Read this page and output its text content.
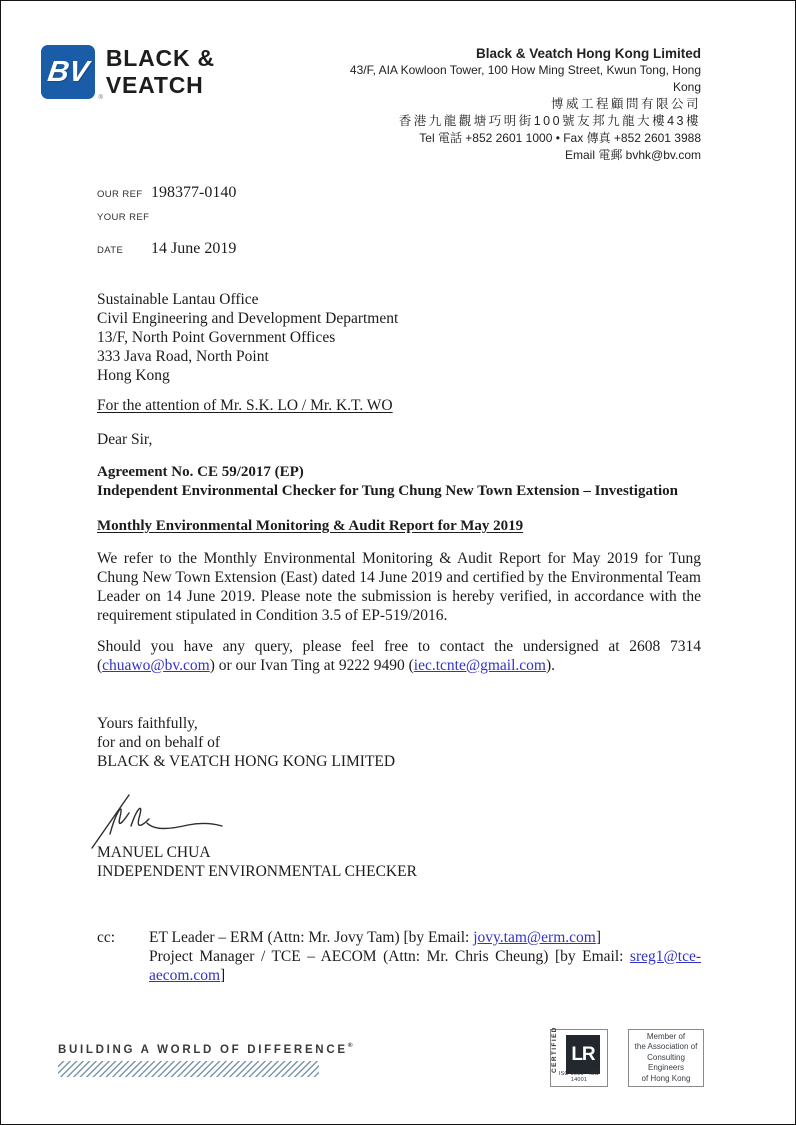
BV
®
BLACK & VEATCH
Black & Veatch Hong Kong Limited
43/F, AIA Kowloon Tower, 100 How Ming Street, Kwun Tong, Hong Kong
博威工程顧問有限公司
香港九龍觀塘巧明街100號友邦九龍大樓43樓
Tel 電話 +852 2601 1000 • Fax 傳真 +852 2601 3988
Email 電郵 bvhk@bv.com
OUR REF 198377-0140
YOUR REF
DATE	14 June 2019
Sustainable Lantau Office
Civil Engineering and Development Department
13/F, North Point Government Offices
333 Java Road, North Point
Hong Kong
For the attention of Mr. S.K. LO / Mr. K.T. WO
Dear Sir,
Agreement No. CE 59/2017 (EP)
Independent Environmental Checker for Tung Chung New Town Extension – Investigation
Monthly Environmental Monitoring & Audit Report for May 2019
We refer to the Monthly Environmental Monitoring & Audit Report for May 2019 for Tung Chung New Town Extension (East) dated 14 June 2019 and certified by the Environmental Team Leader on 14 June 2019. Please note the submission is hereby verified, in accordance with the requirement stipulated in Condition 3.5 of EP-519/2016.
Should you have any query, please feel free to contact the undersigned at 2608 7314 (chuawo@bv.com) or our Ivan Ting at 9222 9490 (iec.tcnte@gmail.com).
Yours faithfully,
for and on behalf of
BLACK & VEATCH HONG KONG LIMITED
MANUEL CHUA
INDEPENDENT ENVIRONMENTAL CHECKER
cc:	ET Leader – ERM (Attn: Mr. Jovy Tam) [by Email: jovy.tam@erm.com]
Project Manager / TCE – AECOM (Attn: Mr. Chris Cheung) [by Email: sreg1@tce-aecom.com]
BUILDING A WORLD OF DIFFERENCE®	CERTIFIED LR
ISO 9001 · ISO 14001
Member of
the Association of
Consulting Engineers
of Hong Kong
